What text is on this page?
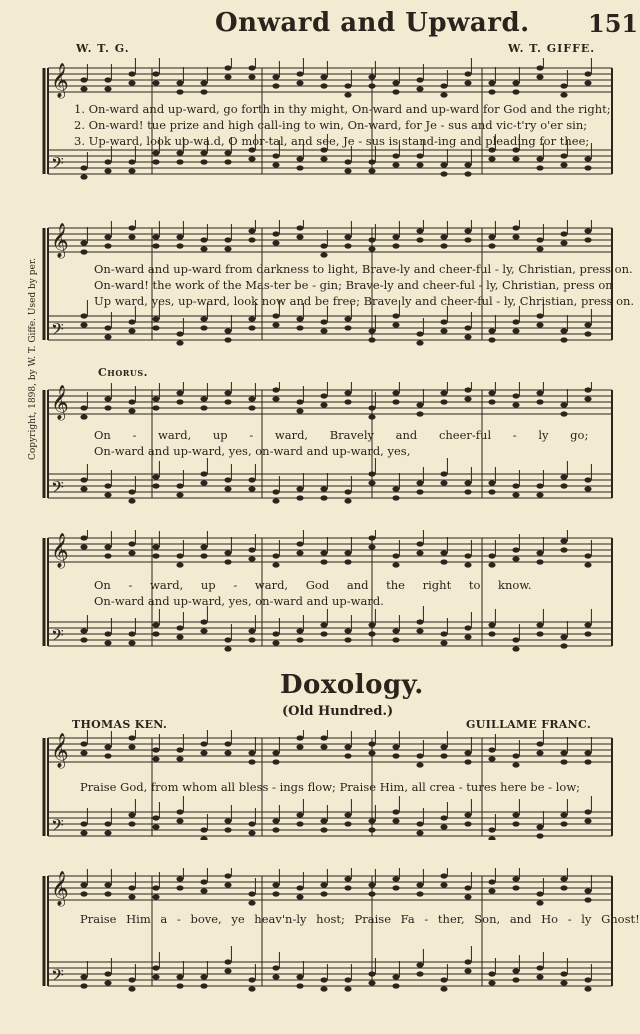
Onward and Upward. 151
W. T. G.	W. T. GIFFE.
Copyright, 1898, by W. T. Giffe. Used by per.
𝄞
𝄢
1. On-ward and up-ward, go forth in thy might, On-ward and up-ward for God and the right;
2. On-ward! tue prize and high call-ing to win, On-ward, for Je - sus and vic-t'ry o'er sin;
3. Up-ward, look up-wa.d, O mor-tal, and see, Je - sus is stand-ing and pleading for thee;
𝄞
𝄢
On-ward and up-ward from darkness to light, Brave-ly and cheer-ful - ly, Christian, press on.
On-ward! the work of the Mas-ter be - gin; Brave-ly and cheer-ful - ly, Christian, press on
Up ward, yes, up-ward, look now and be free; Brave ly and cheer-ful - ly, Christian, press on.
Chorus.
𝄞
𝄢
On - ward, up - ward, Bravely and cheer-ful - ly go;
On-ward and up-ward, yes, on-ward and up-ward, yes,
𝄞
𝄢
On - ward, up - ward, God and the right to know.
On-ward and up-ward, yes, on-ward and up-ward.
Doxology.
(Old Hundred.)
THOMAS KEN.	GUILLAME FRANC.
𝄞
𝄢
Praise God, from whom all bless - ings flow; Praise Him, all crea - tures here be - low;
𝄞
𝄢
Praise Him a - bove, ye heav'n-ly host; Praise Fa - ther, Son, and Ho - ly Ghost!
